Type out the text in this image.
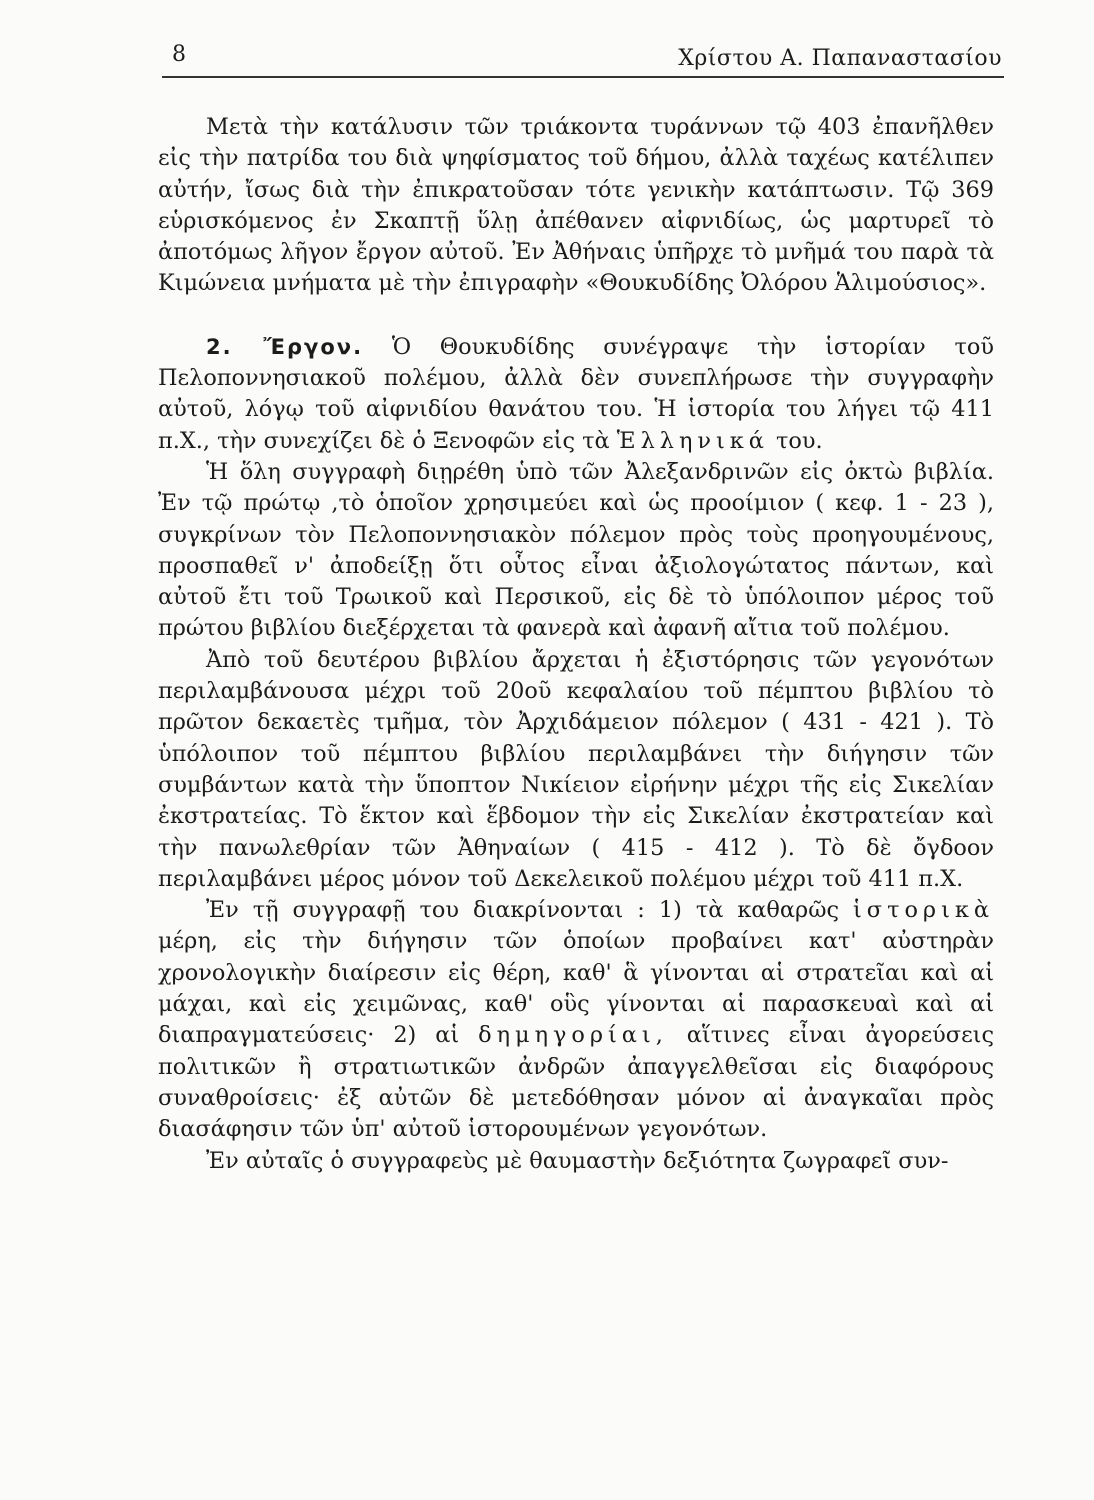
8	Χρίστου Α. Παπαναστασίου

Μετὰ τὴν κατάλυσιν τῶν τριάκοντα τυράννων τῷ 403 ἐπανῆλθεν εἰς τὴν πατρίδα του διὰ ψηφίσματος τοῦ δήμου, ἀλλὰ ταχέως κατέλιπεν αὐτήν, ἴσως διὰ τὴν ἐπικρατοῦσαν τότε γενικὴν κατάπτωσιν. Τῷ 369 εὑρισκόμενος ἐν Σκαπτῇ ὕλῃ ἀπέθανεν αἰφνιδίως, ὡς μαρτυρεῖ τὸ ἀποτόμως λῆγον ἔργον αὐτοῦ. Ἐν Ἀθήναις ὑπῆρχε τὸ μνῆμά του παρὰ τὰ Κιμώνεια μνήματα μὲ τὴν ἐπιγραφὴν «Θουκυδίδης Ὀλόρου Ἁλιμούσιος».

2. Ἔργον. Ὁ Θουκυδίδης συνέγραψε τὴν ἱστορίαν τοῦ Πελοποννησιακοῦ πολέμου, ἀλλὰ δὲν συνεπλήρωσε τὴν συγγραφὴν αὐτοῦ, λόγῳ τοῦ αἰφνιδίου θανάτου του. Ἡ ἱστορία του λήγει τῷ 411 π.Χ., τὴν συνεχίζει δὲ ὁ Ξενοφῶν εἰς τὰ Ἑλληνικά του.

Ἡ ὅλη συγγραφὴ διῃρέθη ὑπὸ τῶν Ἀλεξανδρινῶν εἰς ὀκτὼ βιβλία. Ἐν τῷ πρώτῳ ,τὸ ὁποῖον χρησιμεύει καὶ ὡς προοίμιον ( κεφ. 1 - 23 ), συγκρίνων τὸν Πελοποννησιακὸν πόλεμον πρὸς τοὺς προηγουμένους, προσπαθεῖ ν' ἀποδείξῃ ὅτι οὗτος εἶναι ἀξιολογώτατος πάντων, καὶ αὐτοῦ ἔτι τοῦ Τρωικοῦ καὶ Περσικοῦ, εἰς δὲ τὸ ὑπόλοιπον μέρος τοῦ πρώτου βιβλίου διεξέρχεται τὰ φανερὰ καὶ ἀφανῆ αἴτια τοῦ πολέμου.

Ἀπὸ τοῦ δευτέρου βιβλίου ἄρχεται ἡ ἐξιστόρησις τῶν γεγονότων περιλαμβάνουσα μέχρι τοῦ 20οῦ κεφαλαίου τοῦ πέμπτου βιβλίου τὸ πρῶτον δεκαετὲς τμῆμα, τὸν Ἀρχιδάμειον πόλεμον ( 431 - 421 ). Τὸ ὑπόλοιπον τοῦ πέμπτου βιβλίου περιλαμβάνει τὴν διήγησιν τῶν συμβάντων κατὰ τὴν ὕποπτον Νικίειον εἰρήνην μέχρι τῆς εἰς Σικελίαν ἐκστρατείας. Τὸ ἕκτον καὶ ἕβδομον τὴν εἰς Σικελίαν ἐκστρατείαν καὶ τὴν πανωλεθρίαν τῶν Ἀθηναίων ( 415 - 412 ). Τὸ δὲ ὄγδοον περιλαμβάνει μέρος μόνον τοῦ Δεκελεικοῦ πολέμου μέχρι τοῦ 411 π.Χ.

Ἐν τῇ συγγραφῇ του διακρίνονται : 1) τὰ καθαρῶς ἱστορικὰ μέρη, εἰς τὴν διήγησιν τῶν ὁποίων προβαίνει κατ' αὐστηρὰν χρονολογικὴν διαίρεσιν εἰς θέρη, καθ' ἃ γίνονται αἱ στρατεῖαι καὶ αἱ μάχαι, καὶ εἰς χειμῶνας, καθ' οὓς γίνονται αἱ παρασκευαὶ καὶ αἱ διαπραγματεύσεις· 2) αἱ δημηγορίαι, αἵτινες εἶναι ἀγορεύσεις πολιτικῶν ἢ στρατιωτικῶν ἀνδρῶν ἀπαγγελθεῖσαι εἰς διαφόρους συναθροίσεις· ἐξ αὐτῶν δὲ μετεδόθησαν μόνον αἱ ἀναγκαῖαι πρὸς διασάφησιν τῶν ὑπ' αὐτοῦ ἱστορουμένων γεγονότων.

Ἐν αὐταῖς ὁ συγγραφεὺς μὲ θαυμαστὴν δεξιότητα ζωγραφεῖ συν-
